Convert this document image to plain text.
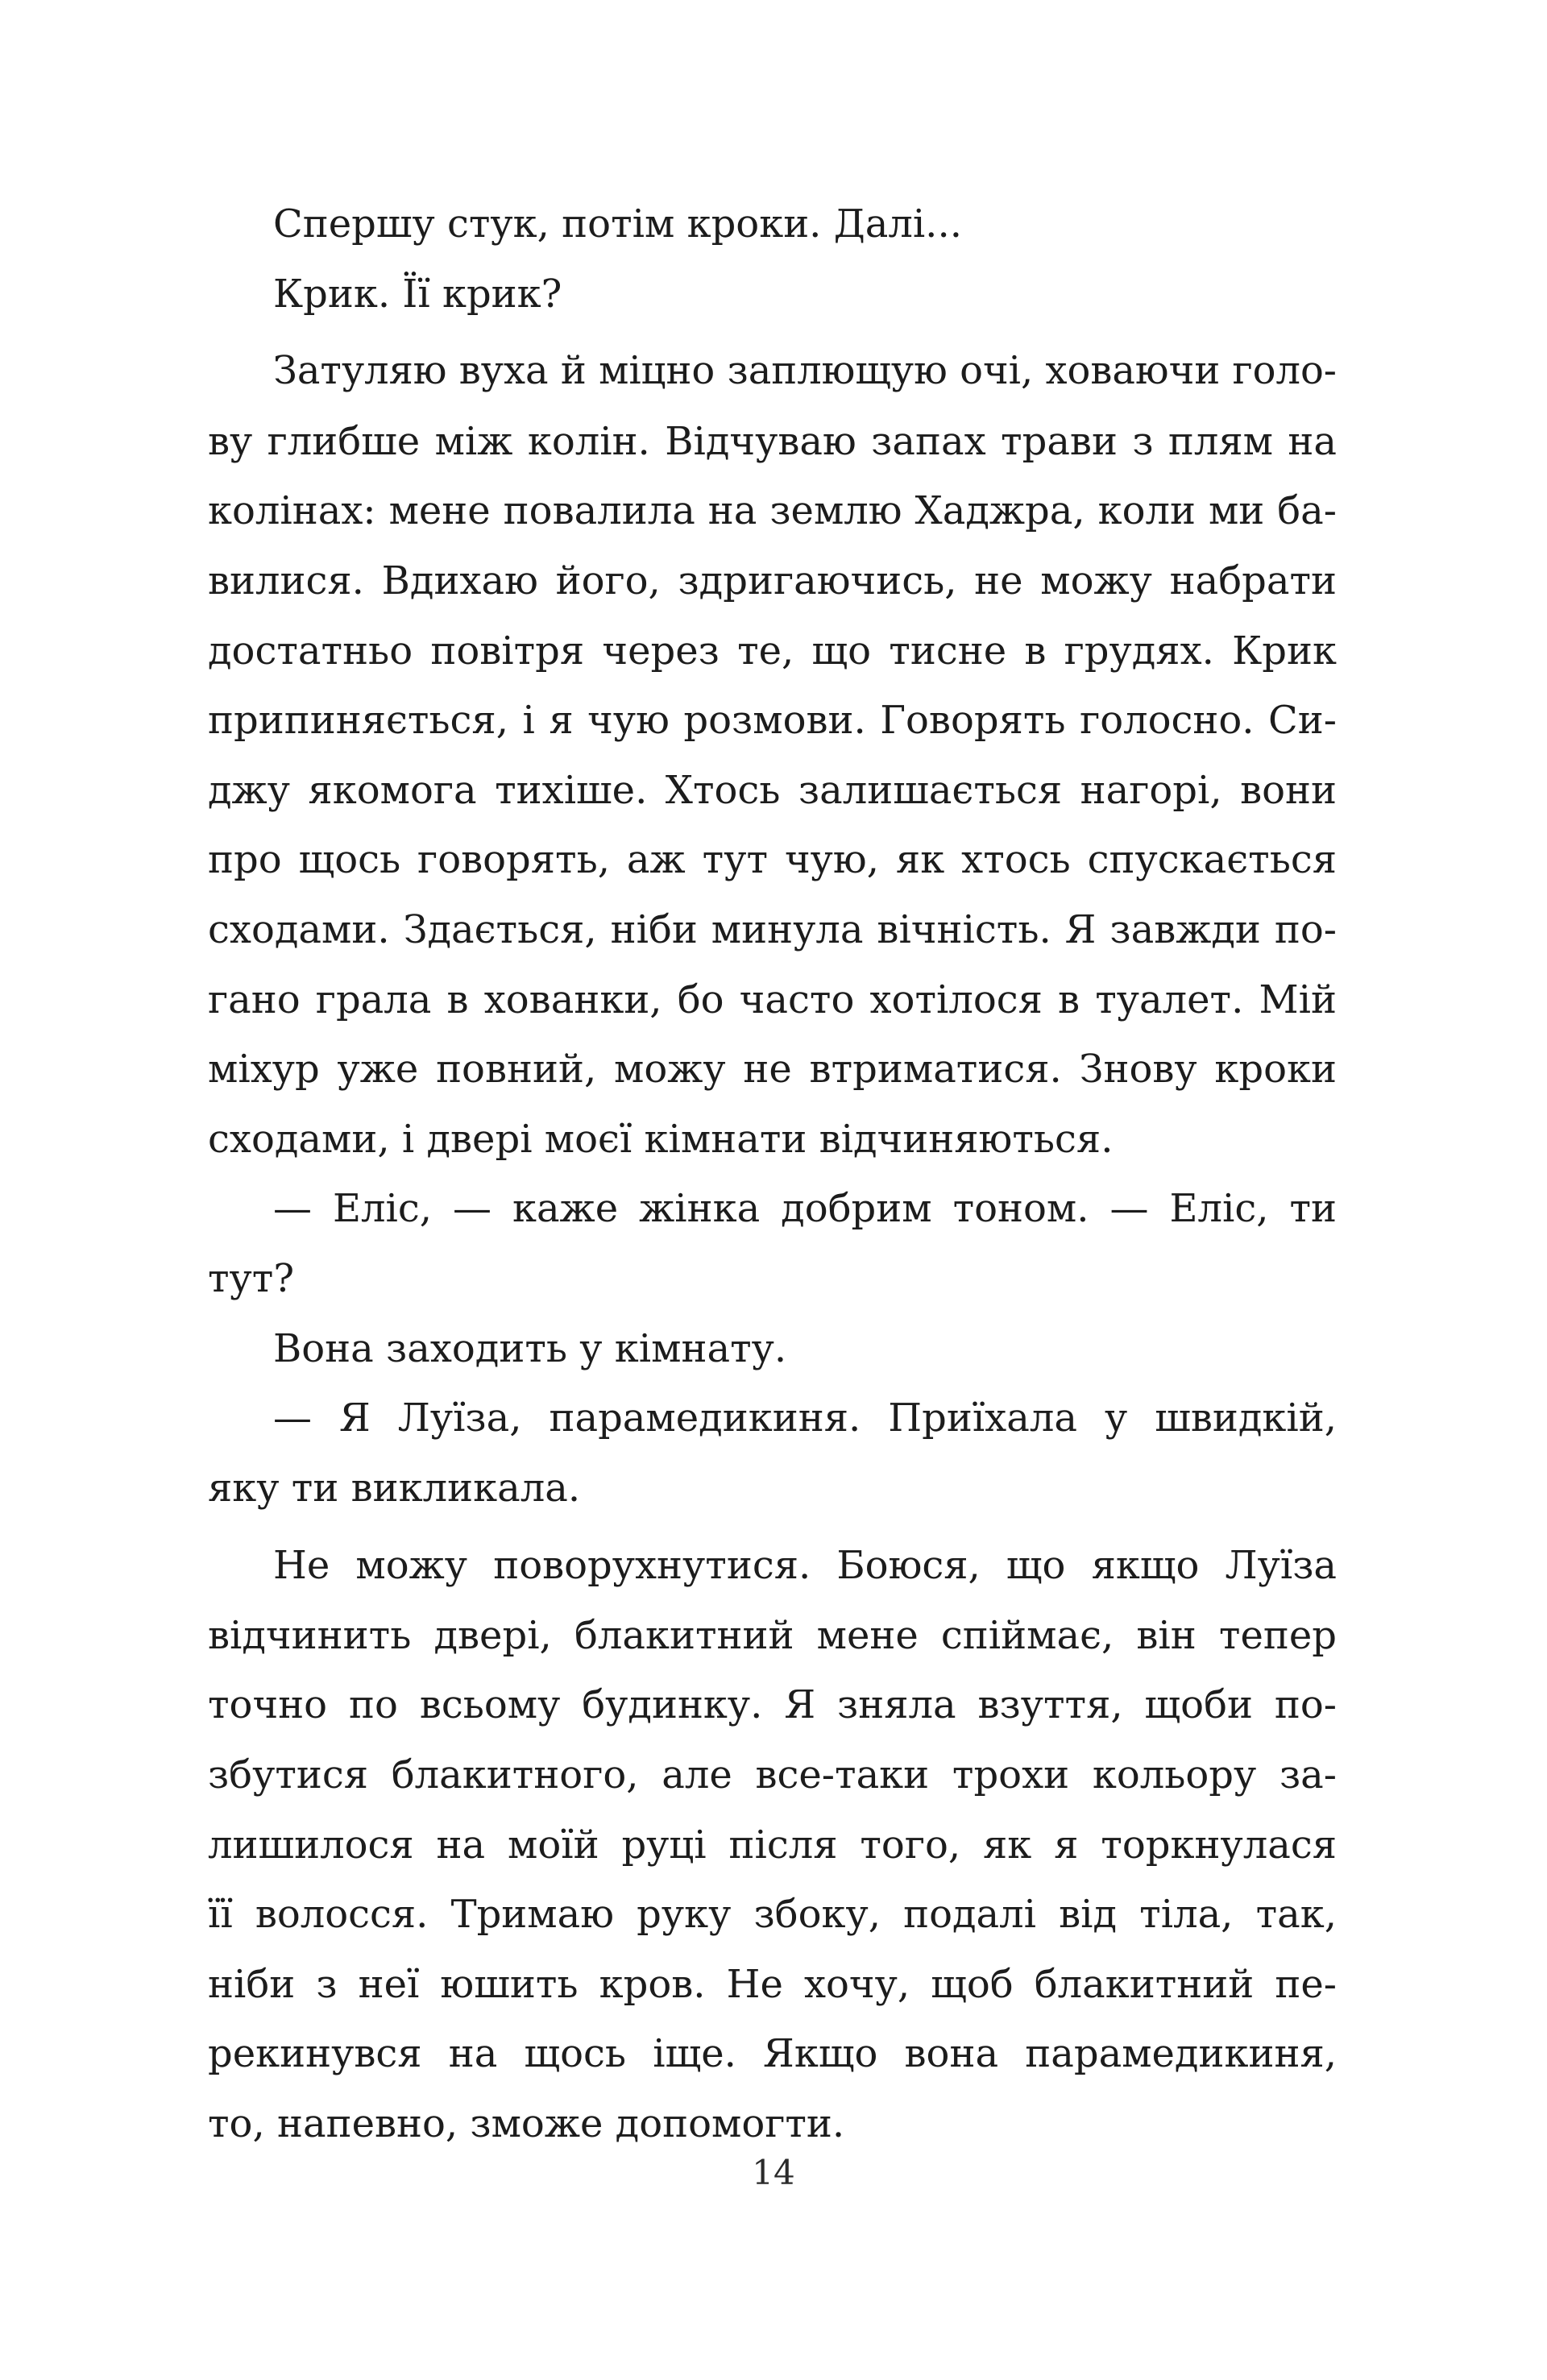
Спершу стук, потім кроки. Далі...
Крик. Її крик?
Затуляю вуха й міцно заплющую очі, ховаючи голо-
ву глибше між колін. Відчуваю запах трави з плям на
колінах: мене повалила на землю Хаджра, коли ми ба-
вилися. Вдихаю його, здригаючись, не можу набрати
достатньо повітря через те, що тисне в грудях. Крик
припиняється, і я чую розмови. Говорять голосно. Си-
джу якомога тихіше. Хтось залишається нагорі, вони
про щось говорять, аж тут чую, як хтось спускається
сходами. Здається, ніби минула вічність. Я завжди по-
гано грала в хованки, бо часто хотілося в туалет. Мій
міхур уже повний, можу не втриматися. Знову кроки
сходами, і двері моєї кімнати відчиняються.
— Еліс, — каже жінка добрим тоном. — Еліс, ти
тут?
Вона заходить у кімнату.
— Я Луїза, парамедикиня. Приїхала у швидкій,
яку ти викликала.
Не можу поворухнутися. Боюся, що якщо Луїза
відчинить двері, блакитний мене спіймає, він тепер
точно по всьому будинку. Я зняла взуття, щоби по-
збутися блакитного, але все-таки трохи кольору за-
лишилося на моїй руці після того, як я торкнулася
її волосся. Тримаю руку збоку, подалі від тіла, так,
ніби з неї юшить кров. Не хочу, щоб блакитний пе-
рекинувся на щось іще. Якщо вона парамедикиня,
то, напевно, зможе допомогти.
14
